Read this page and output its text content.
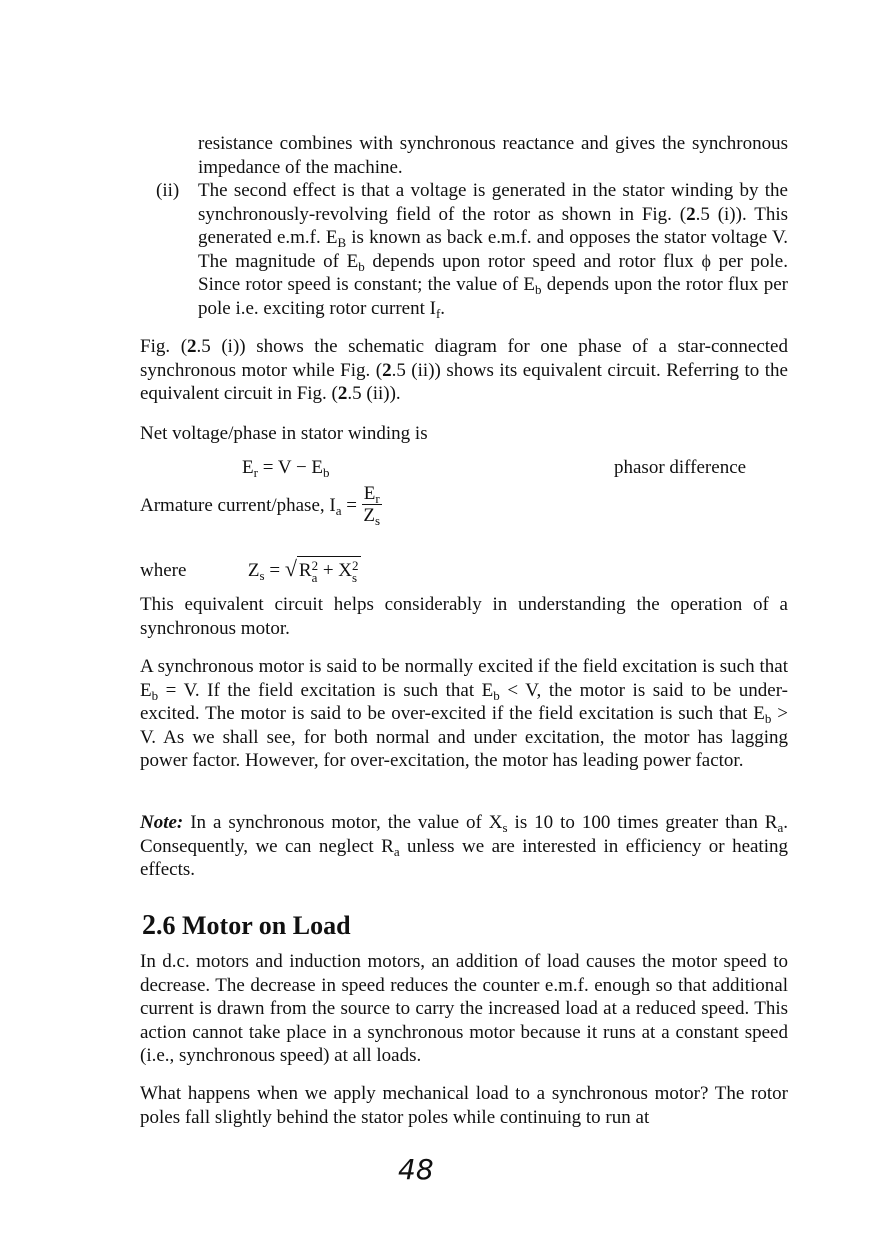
resistance combines with synchronous reactance and gives the synchronous impedance of the machine.
(ii) The second effect is that a voltage is generated in the stator winding by the synchronously-revolving field of the rotor as shown in Fig. (2.5 (i)). This generated e.m.f. $E_B$ is known as back e.m.f. and opposes the stator voltage V. The magnitude of $E_b$ depends upon rotor speed and rotor flux ϕ per pole. Since rotor speed is constant; the value of $E_b$ depends upon the rotor flux per pole i.e. exciting rotor current $I_f$.
Fig. (2.5 (i)) shows the schematic diagram for one phase of a star-connected synchronous motor while Fig. (2.5 (ii)) shows its equivalent circuit. Referring to the equivalent circuit in Fig. (2.5 (ii)).
Net voltage/phase in stator winding is
$E_r = V - E_b$	phasor difference
Armature current/phase, $I_a = \frac{E_r}{Z_s}$
where	$Z_s$ = √ R 2
a + X 2
s
This equivalent circuit helps considerably in understanding the operation of a synchronous motor.
A synchronous motor is said to be normally excited if the field excitation is such that $E_b = V$. If the field excitation is such that $E_b < V$, the motor is said to be under-excited. The motor is said to be over-excited if the field excitation is such that $E_b > V$. As we shall see, for both normal and under excitation, the motor has lagging power factor. However, for over-excitation, the motor has leading power factor.
Note: In a synchronous motor, the value of $X_s$ is 10 to 100 times greater than $R_a$. Consequently, we can neglect $R_a$ unless we are interested in efficiency or heating effects.
2.6 Motor on Load
In d.c. motors and induction motors, an addition of load causes the motor speed to decrease. The decrease in speed reduces the counter e.m.f. enough so that additional current is drawn from the source to carry the increased load at a reduced speed. This action cannot take place in a synchronous motor because it runs at a constant speed (i.e., synchronous speed) at all loads.
What happens when we apply mechanical load to a synchronous motor? The rotor poles fall slightly behind the stator poles while continuing to run at
48
